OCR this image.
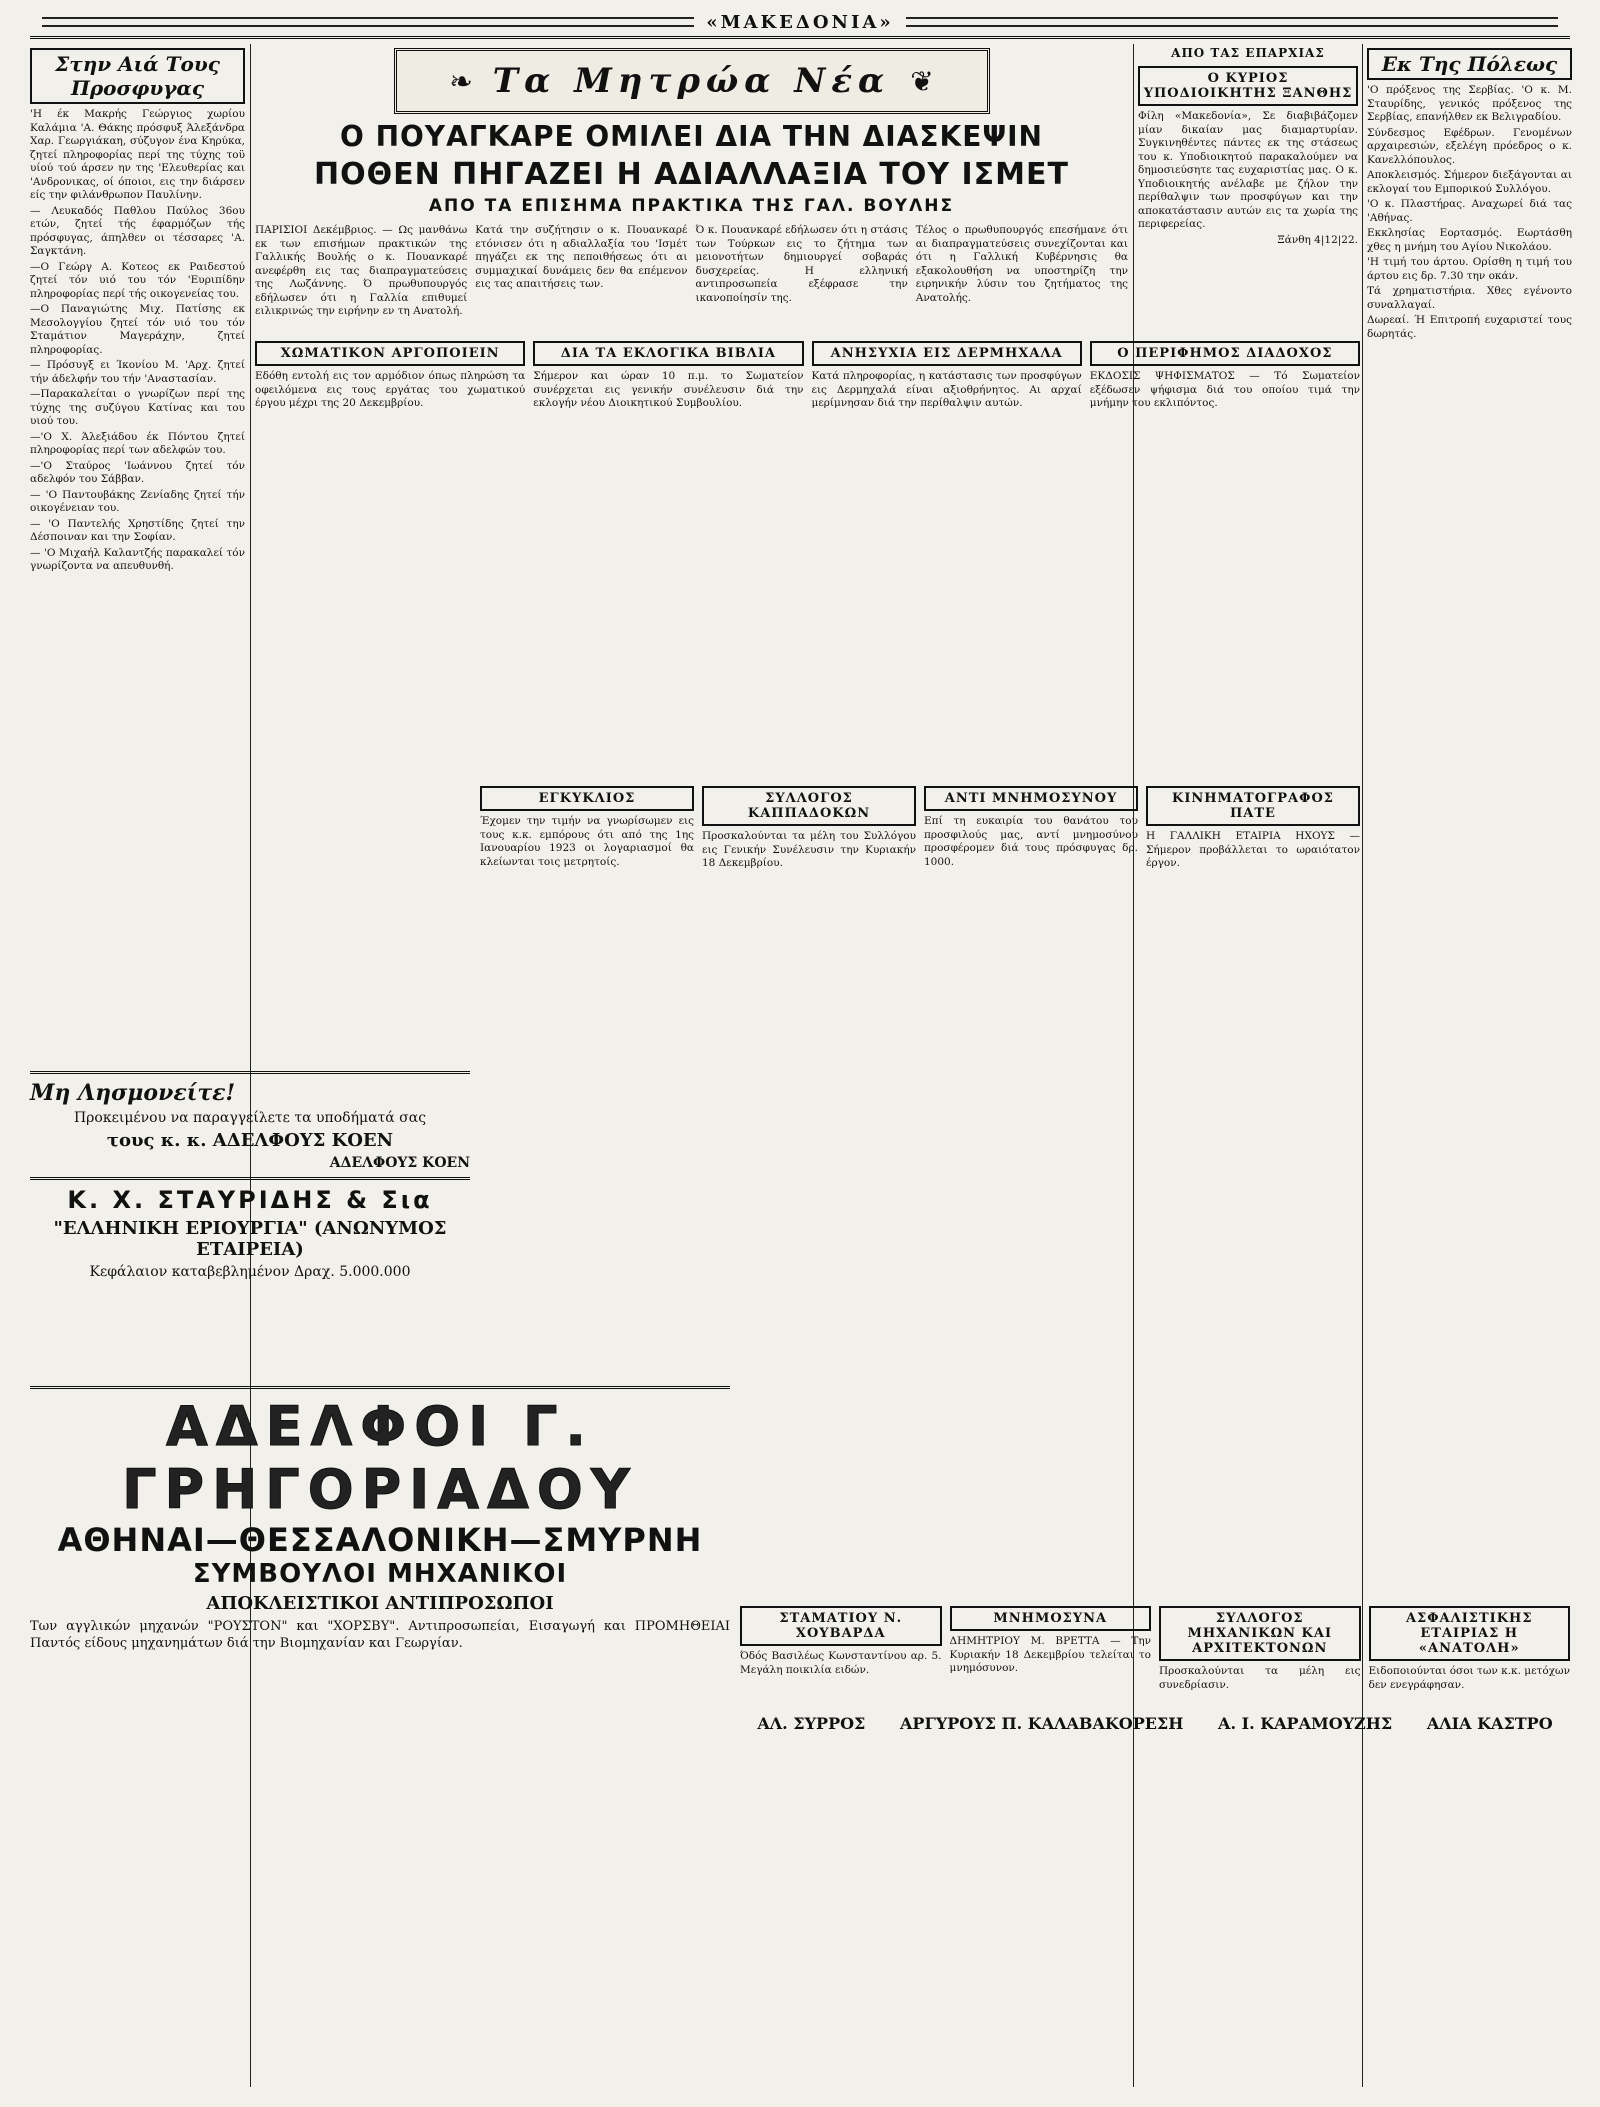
«ΜΑΚΕΔΟΝΙΑ»
Στην Αιά Τους Προσφυγας
'Η έκ Μακρής Γεώργιος χωρίου Καλάμια 'Α. Θάκης πρόσφυξ Άλεξάνδρα Χαρ. Γεωργιάκαη, σύζυγον ένα Κηρύκα, ζητεί πληροφορίας περί της τύχης τοϋ υίού τού άρσεν ην της 'Ελευθερίας και 'Ανδρονικας, οί όποιοι, εις την διάρσεν είς την φιλάνθρωπον Παυλίνην.
— Λευκαδός Παθλου Παύλος 36ου ετών, ζητεί τής έφαρμόζων τής πρόσφυγας, άπηλθεν οι τέσσαρες 'Α. Σαγκτάνη.
—Ο Γεώργ Α. Κοτεος εκ Ραιδεστού ζητεί τόν υιό του τόν 'Ευριπίδην πληροφορίας περί τής οικογενείας του.
—Ο Παναγιώτης Μιχ. Πατίσης εκ Μεσολογγίου ζητεί τόν υιό του τόν Σταμάτιον Μαγεράχην, ζητεί πληροφορίας.
— Πρόσυγξ ει Ίκονίου Μ. 'Αρχ. ζητεί τήν άδελφήν του τήν 'Αναστασίαν.
—Παρακαλείται ο γνωρίζων περί της τύχης της συζύγου Κατίνας και του υιού του.
—'Ο Χ. Άλεξιάδου έκ Πόντου ζητεί πληροφορίας περί των αδελφών του.
—'Ο Σταύρος 'Ιωάννου ζητεί τόν αδελφόν του Σάββαν.
— 'Ο Παντουβάκης Ζενίαδης ζητεί τήν οικογένειαν του.
— 'Ο Παντελής Χρηστίδης ζητεί την Δέσποιναν και την Σοφίαν.
— 'Ο Μιχαήλ Καλαντζής παρακαλεί τόν γνωρίζοντα να απευθυνθή.
❧ Τα Μητρώα Νέα ❦
Ο ΠΟΥΑΓΚΑΡΕ ΟΜΙΛΕΙ ΔΙΑ ΤΗΝ ΔΙΑΣΚΕΨΙΝ
ΠΟΘΕΝ ΠΗΓΑΖΕΙ Η ΑΔΙΑΛΛΑΞΙΑ ΤΟΥ ΙΣΜΕΤ
ΑΠΟ ΤΑ ΕΠΙΣΗΜΑ ΠΡΑΚΤΙΚΑ ΤΗΣ ΓΑΛ. ΒΟΥΛΗΣ
ΠΑΡΙΣΙΟΙ Δεκέμβριος. — Ως μανθάνω εκ των επισήμων πρακτικών της Γαλλικής Βουλής ο κ. Πουανκαρέ ανεφέρθη εις τας διαπραγματεύσεις της Λωζάννης. Ό πρωθυπουργός εδήλωσεν ότι η Γαλλία επιθυμεί ειλικρινώς την ειρήνην εν τη Ανατολή.
Κατά την συζήτησιν ο κ. Πουανκαρέ ετόνισεν ότι η αδιαλλαξία του 'Ισμέτ πηγάζει εκ της πεποιθήσεως ότι αι συμμαχικαί δυνάμεις δεν θα επέμενον εις τας απαιτήσεις των.
Ό κ. Πουανκαρέ εδήλωσεν ότι η στάσις των Τούρκων εις το ζήτημα των μειονοτήτων δημιουργεί σοβαράς δυσχερείας. Η ελληνική αντιπροσωπεία εξέφρασε την ικανοποίησίν της.
Τέλος ο πρωθυπουργός επεσήμανε ότι αι διαπραγματεύσεις συνεχίζονται και ότι η Γαλλική Κυβέρνησις θα εξακολουθήση να υποστηρίζη την ειρηνικήν λύσιν του ζητήματος της Ανατολής.
ΑΠΟ ΤΑΣ ΕΠΑΡΧΙΑΣ
Ο ΚΥΡΙΟΣ ΥΠΟΔΙΟΙΚΗΤΗΣ ΞΑΝΘΗΣ
Φίλη «Μακεδονία», Σε διαβιβάζομεν μίαν δικαίαν μας διαμαρτυρίαν. Συγκινηθέντες πάντες εκ της στάσεως του κ. Υποδιοικητού παρακαλούμεν να δημοσιεύσητε τας ευχαριστίας μας. Ο κ. Υποδιοικητής ανέλαβε με ζήλον την περίθαλψιν των προσφύγων και την αποκατάστασιν αυτών εις τα χωρία της περιφερείας.
Ξάνθη 4|12|22.
Εκ Της Πόλεως
'Ο πρόξενος της Σερβίας. 'Ο κ. Μ. Σταυρίδης, γενικός πρόξενος της Σερβίας, επανήλθεν εκ Βελιγραδίου.
Σύνδεσμος Εφέδρων. Γενομένων αρχαιρεσιών, εξελέγη πρόεδρος ο κ. Κανελλόπουλος.
Αποκλεισμός. Σήμερον διεξάγονται αι εκλογαί του Εμπορικού Συλλόγου.
'Ο κ. Πλαστήρας. Αναχωρεί διά τας 'Αθήνας.
Εκκλησίας Εορτασμός. Εωρτάσθη χθες η μνήμη του Αγίου Νικολάου.
'Η τιμή του άρτου. Ορίσθη η τιμή του άρτου εις δρ. 7.30 την οκάν.
Τά χρηματιστήρια. Χθες εγένοντο συναλλαγαί.
Δωρεαί. Ή Επιτροπή ευχαριστεί τους δωρητάς.
ΧΩΜΑΤΙΚΟΝ ΑΡΓΟΠΟΙΕΙΝ
Εδόθη εντολή εις τον αρμόδιον όπως πληρώση τα οφειλόμενα εις τους εργάτας του χωματικού έργου μέχρι της 20 Δεκεμβρίου.
ΔΙΑ ΤΑ ΕΚΛΟΓΙΚΑ ΒΙΒΛΙΑ
Σήμερον και ώραν 10 π.μ. το Σωματείον συνέρχεται εις γενικήν συνέλευσιν διά την εκλογήν νέου Διοικητικού Συμβουλίου.
ΑΝΗΣΥΧΙΑ ΕΙΣ ΔΕΡΜΗΧΑΛΑ
Κατά πληροφορίας, η κατάστασις των προσφύγων εις Δερμηχαλά είναι αξιοθρήνητος. Αι αρχαί μερίμνησαν διά την περίθαλψιν αυτών.
Ο ΠΕΡΙΦΗΜΟΣ ΔΙΑΔΟΧΟΣ
ΕΚΔΟΣΙΣ ΨΗΦΙΣΜΑΤΟΣ — Τό Σωματείον εξέδωσεν ψήφισμα διά του οποίου τιμά την μνήμην του εκλιπόντος.
Μη Λησμονείτε!
Προκειμένου να παραγγείλετε τα υποδήματά σας
τους κ. κ. ΑΔΕΛΦΟΥΣ ΚΟΕΝ
ΑΔΕΛΦΟΥΣ ΚΟΕΝ
Κ. Χ. ΣΤΑΥΡΙΔΗΣ & Σια
"ΕΛΛΗΝΙΚΗ ΕΡΙΟΥΡΓΙΑ" (ΑΝΩΝΥΜΟΣ ΕΤΑΙΡΕΙΑ)
Κεφάλαιον καταβεβλημένον Δραχ. 5.000.000
ΕΓΚΥΚΛΙΟΣ
Έχομεν την τιμήν να γνωρίσωμεν εις τους κ.κ. εμπόρους ότι από της 1ης Ιανουαρίου 1923 οι λογαριασμοί θα κλείωνται τοις μετρητοίς.
ΣΥΛΛΟΓΟΣ ΚΑΠΠΑΔΟΚΩΝ
Προσκαλούνται τα μέλη του Συλλόγου εις Γενικήν Συνέλευσιν την Κυριακήν 18 Δεκεμβρίου.
ΑΝΤΙ ΜΝΗΜΟΣΥΝΟΥ
Επί τη ευκαιρία του θανάτου του προσφιλούς μας, αντί μνημοσύνου προσφέρομεν διά τους πρόσφυγας δρ. 1000.
ΚΙΝΗΜΑΤΟΓΡΑΦΟΣ ΠΑΤΕ
Η ΓΑΛΛΙΚΗ ΕΤΑΙΡΙΑ ΗΧΟΥΣ — Σήμερον προβάλλεται το ωραιότατον έργον.
ΑΔΕΛΦΟΙ Γ. ΓΡΗΓΟΡΙΑΔΟΥ
ΑΘΗΝΑΙ—ΘΕΣΣΑΛΟΝΙΚΗ—ΣΜΥΡΝΗ
ΣΥΜΒΟΥΛΟΙ ΜΗΧΑΝΙΚΟΙ
ΑΠΟΚΛΕΙΣΤΙΚΟΙ ΑΝΤΙΠΡΟΣΩΠΟΙ
Των αγγλικών μηχανών "ΡΟΥΣΤΟΝ" και "ΧΟΡΣΒΥ". Αντιπροσωπείαι, Εισαγωγή και ΠΡΟΜΗΘΕΙΑΙ Παντός είδους μηχανημάτων διά την Βιομηχανίαν και Γεωργίαν.
ΣΤΑΜΑΤΙΟΥ Ν. ΧΟΥΒΑΡΔΑ
Όδός Βασιλέως Κωνσταντίνου αρ. 5. Μεγάλη ποικιλία ειδών.
ΜΝΗΜΟΣΥΝΑ
ΔΗΜΗΤΡΙΟΥ Μ. ΒΡΕΤΤΑ — Την Κυριακήν 18 Δεκεμβρίου τελείται το μνημόσυνον.
ΣΥΛΛΟΓΟΣ ΜΗΧΑΝΙΚΩΝ ΚΑΙ ΑΡΧΙΤΕΚΤΟΝΩΝ
Προσκαλούνται τα μέλη εις συνεδρίασιν.
ΑΣΦΑΛΙΣΤΙΚΗΣ ΕΤΑΙΡΙΑΣ Η «ΑΝΑΤΟΛΗ»
Ειδοποιούνται όσοι των κ.κ. μετόχων δεν ενεγράφησαν.
ΑΛ. ΣΥΡΡΟΣ ΑΡΓΥΡΟΥΣ Π. ΚΑΛΑΒΑΚΟΡΕΣΗ Α. Ι. ΚΑΡΑΜΟΥΖΗΣ ΑΛΙΑ ΚΑΣΤΡΟ
